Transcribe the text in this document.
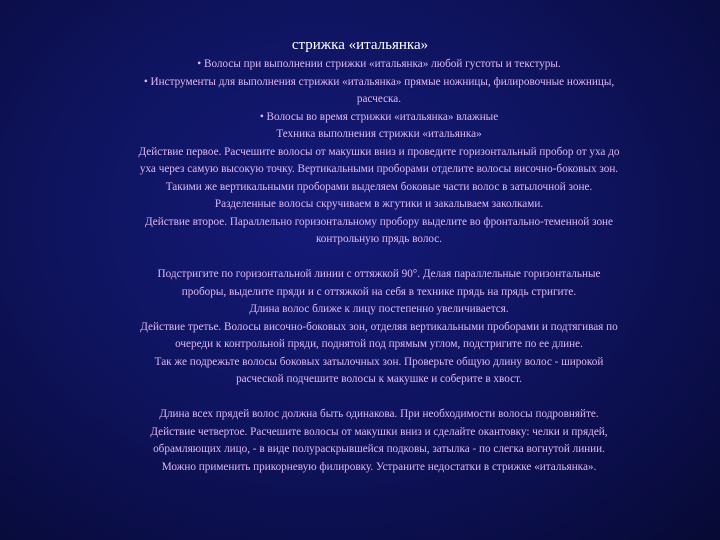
стрижка «итальянка»
• Волосы при выполнении стрижки «итальянка» любой густоты и текстуры.
• Инструменты для выполнения стрижки «итальянка» прямые ножницы, филировочные ножницы,
расческа.
• Волосы во время стрижки «итальянка» влажные
Техника выполнения стрижки «итальянка»
Действие первое. Расчешите волосы от макушки вниз и проведите горизонтальный пробор от уха до
уха через самую высокую точку. Вертикальными проборами отделите волосы височно-боковых зон.
Такими же вертикальными проборами выделяем боковые части волос в затылочной зоне.
Разделенные волосы скручиваем в жгутики и закалываем заколками.
Действие второе. Параллельно горизонтальному пробору выделите во фронтально-теменной зоне
контрольную прядь волос.
Подстригите по горизонтальной линии с оттяжкой 90°. Делая параллельные горизонтальные
проборы, выделите пряди и с оттяжкой на себя в технике прядь на прядь стригите.
Длина волос ближе к лицу постепенно увеличивается.
Действие третье. Волосы височно-боковых зон, отделяя вертикальными проборами и подтягивая по
очереди к контрольной пряди, поднятой под прямым углом, подстригите по ее длине.
Так же подрежьте волосы боковых затылочных зон. Проверьте общую длину волос - широкой
расческой подчешите волосы к макушке и соберите в хвост.
Длина всех прядей волос должна быть одинакова. При необходимости волосы подровняйте.
Действие четвертое. Расчешите волосы от макушки вниз и сделайте окантовку: челки и прядей,
обрамляющих лицо, - в виде полураскрывшейся подковы, затылка - по слегка вогнутой линии.
Можно применить прикорневую филировку. Устраните недостатки в стрижке «итальянка».
